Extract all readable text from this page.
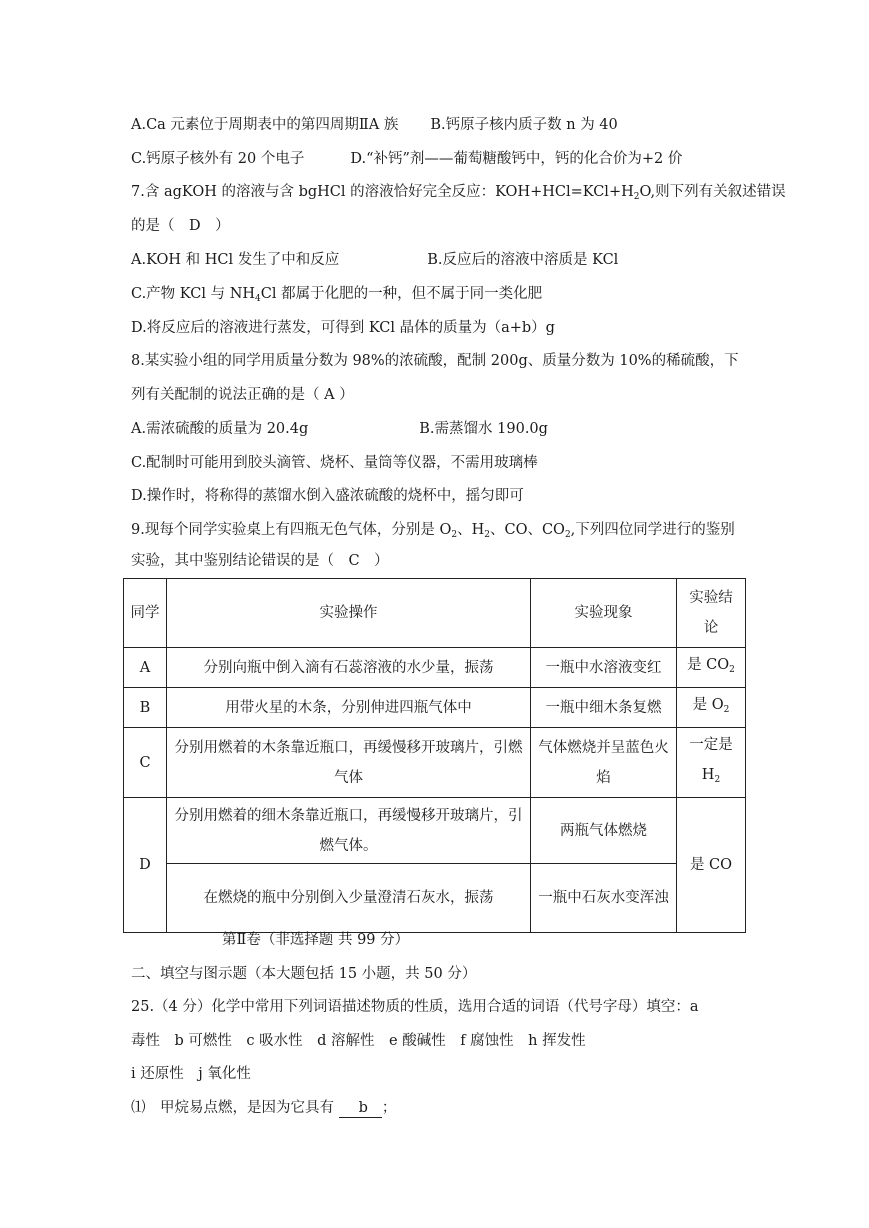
A.Ca 元素位于周期表中的第四周期ⅡA 族 B.钙原子核内质子数 n 为 40
C.钙原子核外有 20 个电子	D.“补钙”剂——葡萄糖酸钙中，钙的化合价为+2 价
7.含 agKOH 的溶液与含 bgHCl 的溶液恰好完全反应：$KOH+HCl=KCl+H_2O$,则下列有关叙述错误
的是（　D　）
A.KOH 和 HCl 发生了中和反应	B.反应后的溶液中溶质是 KCl
C.产物 KCl 与 $NH_4Cl$ 都属于化肥的一种，但不属于同一类化肥
D.将反应后的溶液进行蒸发，可得到 KCl 晶体的质量为（a+b）g
8.某实验小组的同学用质量分数为 98%的浓硫酸，配制 200g、质量分数为 10%的稀硫酸，下
列有关配制的说法正确的是（ A ）
A.需浓硫酸的质量为 20.4g	B.需蒸馏水 190.0g
C.配制时可能用到胶头滴管、烧杯、量筒等仪器，不需用玻璃棒
D.操作时，将称得的蒸馏水倒入盛浓硫酸的烧杯中，摇匀即可
9.现每个同学实验桌上有四瓶无色气体，分别是 $O_2$、$H_2$、CO、$CO_2$,下列四位同学进行的鉴别
实验，其中鉴别结论错误的是（　C　）
同学	实验操作	实验现象	实验结论
A	分别向瓶中倒入滴有石蕊溶液的水少量，振荡	一瓶中水溶液变红	是 $CO_2$
B	用带火星的木条，分别伸进四瓶气体中	一瓶中细木条复燃	是 $O_2$
C	分别用燃着的木条靠近瓶口，再缓慢移开玻璃片，引燃气体	气体燃烧并呈蓝色火焰	一定是 $H_2$
D	分别用燃着的细木条靠近瓶口，再缓慢移开玻璃片，引燃气体。	两瓶气体燃烧	是 CO
	在燃烧的瓶中分别倒入少量澄清石灰水，振荡	一瓶中石灰水变浑浊	
第Ⅱ卷（非选择题 共 99 分）
二、填空与图示题（本大题包括 15 小题，共 50 分）
25.（4 分）化学中常用下列词语描述物质的性质，选用合适的词语（代号字母）填空：a
毒性　b 可燃性　c 吸水性　d 溶解性　e 酸碱性　f 腐蚀性　h 挥发性
i 还原性　j 氧化性
⑴　甲烷易点燃，是因为它具有 b ；
